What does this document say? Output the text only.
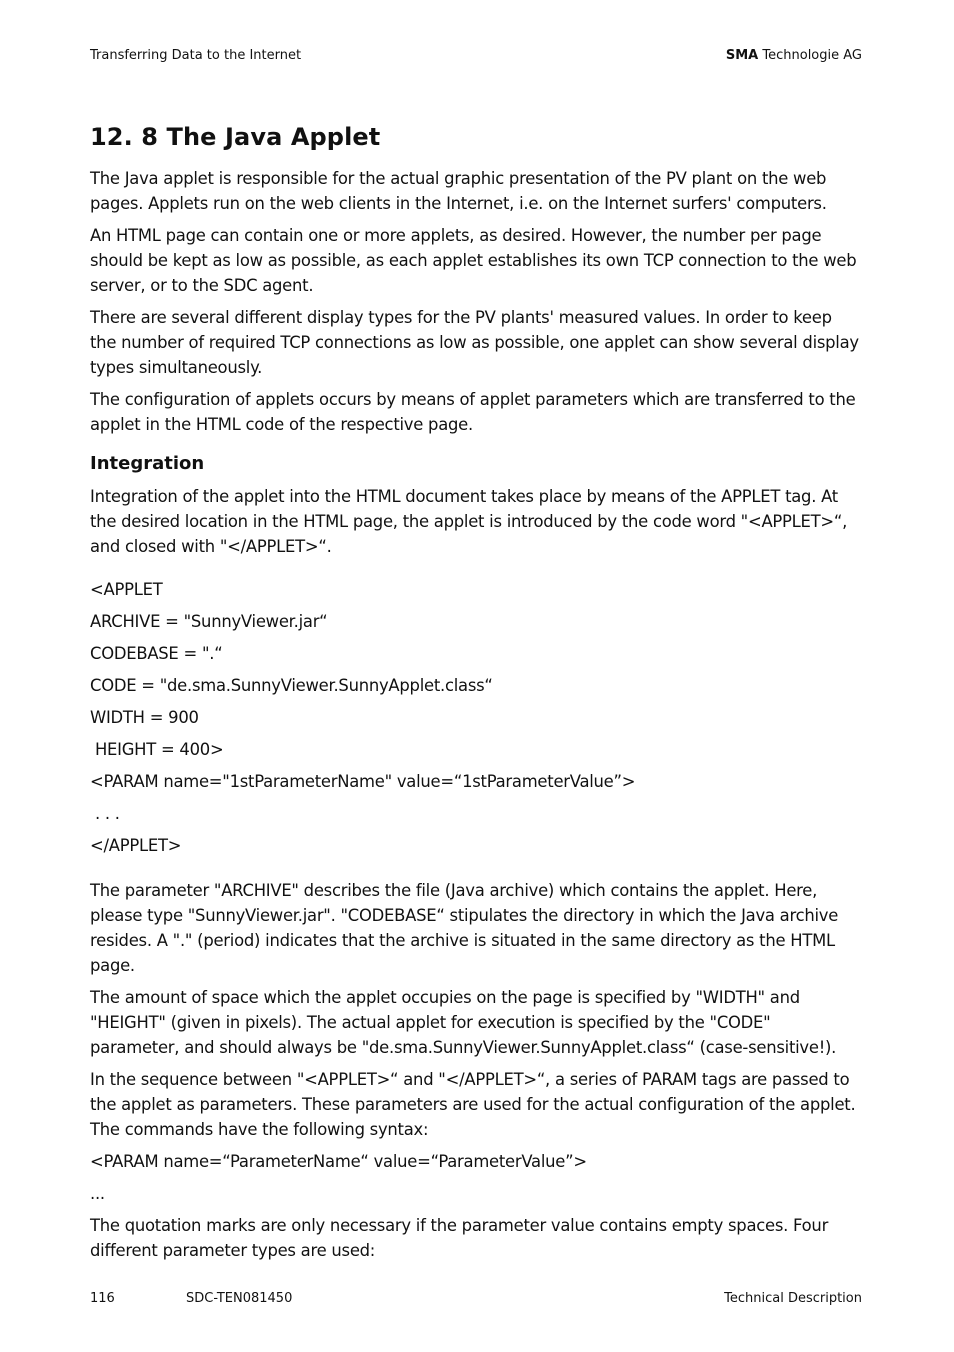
Transferring Data to the Internet	SMA Technologie AG
12. 8 The Java Applet

The Java applet is responsible for the actual graphic presentation of the PV plant on the web pages. Applets run on the web clients in the Internet, i.e. on the Internet surfers' computers.

An HTML page can contain one or more applets, as desired. However, the number per page should be kept as low as possible, as each applet establishes its own TCP connection to the web server, or to the SDC agent.

There are several different display types for the PV plants' measured values. In order to keep the number of required TCP connections as low as possible, one applet can show several display types simultaneously.

The configuration of applets occurs by means of applet parameters which are transferred to the applet in the HTML code of the respective page.

Integration

Integration of the applet into the HTML document takes place by means of the APPLET tag. At the desired location in the HTML page, the applet is introduced by the code word "<APPLET>“, and closed with "</APPLET>“.

<APPLET
ARCHIVE = "SunnyViewer.jar“
CODEBASE = ".“
CODE = "de.sma.SunnyViewer.SunnyApplet.class“
WIDTH = 900
HEIGHT = 400>
<PARAM name="1stParameterName" value=“1stParameterValue”>
. . .
</APPLET>

The parameter "ARCHIVE" describes the file (Java archive) which contains the applet. Here, please type "SunnyViewer.jar". "CODEBASE“ stipulates the directory in which the Java archive resides. A "." (period) indicates that the archive is situated in the same directory as the HTML page.

The amount of space which the applet occupies on the page is specified by "WIDTH" and "HEIGHT" (given in pixels). The actual applet for execution is specified by the "CODE" parameter, and should always be "de.sma.SunnyViewer.SunnyApplet.class“ (case-sensitive!).

In the sequence between "<APPLET>“ and "</APPLET>“, a series of PARAM tags are passed to the applet as parameters. These parameters are used for the actual configuration of the applet. The commands have the following syntax:

<PARAM name=“ParameterName“ value=“ParameterValue”>
...

The quotation marks are only necessary if the parameter value contains empty spaces. Four different parameter types are used:

116	SDC-TEN081450	Technical Description
